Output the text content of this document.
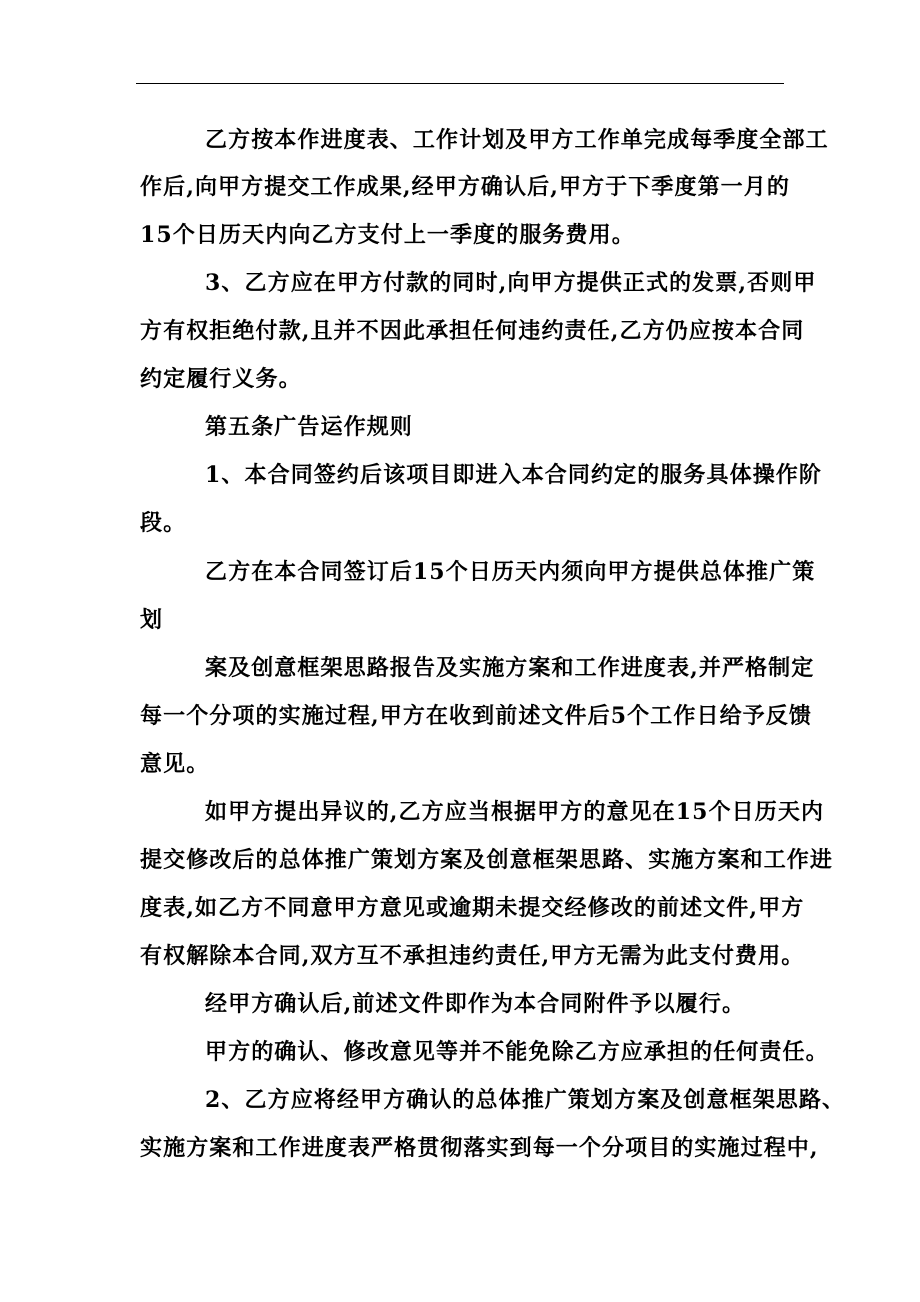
乙方按本作进度表、工作计划及甲方工作单完成每季度全部工
作后,向甲方提交工作成果,经甲方确认后,甲方于下季度第一月的
15个日历天内向乙方支付上一季度的服务费用。
3、乙方应在甲方付款的同时,向甲方提供正式的发票,否则甲
方有权拒绝付款,且并不因此承担任何违约责任,乙方仍应按本合同
约定履行义务。
第五条广告运作规则
1、本合同签约后该项目即进入本合同约定的服务具体操作阶
段。
乙方在本合同签订后15个日历天内须向甲方提供总体推广策
划
案及创意框架思路报告及实施方案和工作进度表,并严格制定
每一个分项的实施过程,甲方在收到前述文件后5个工作日给予反馈
意见。
如甲方提出异议的,乙方应当根据甲方的意见在15个日历天内
提交修改后的总体推广策划方案及创意框架思路、实施方案和工作进
度表,如乙方不同意甲方意见或逾期未提交经修改的前述文件,甲方
有权解除本合同,双方互不承担违约责任,甲方无需为此支付费用。
经甲方确认后,前述文件即作为本合同附件予以履行。
甲方的确认、修改意见等并不能免除乙方应承担的任何责任。
2、乙方应将经甲方确认的总体推广策划方案及创意框架思路、
实施方案和工作进度表严格贯彻落实到每一个分项目的实施过程中,
